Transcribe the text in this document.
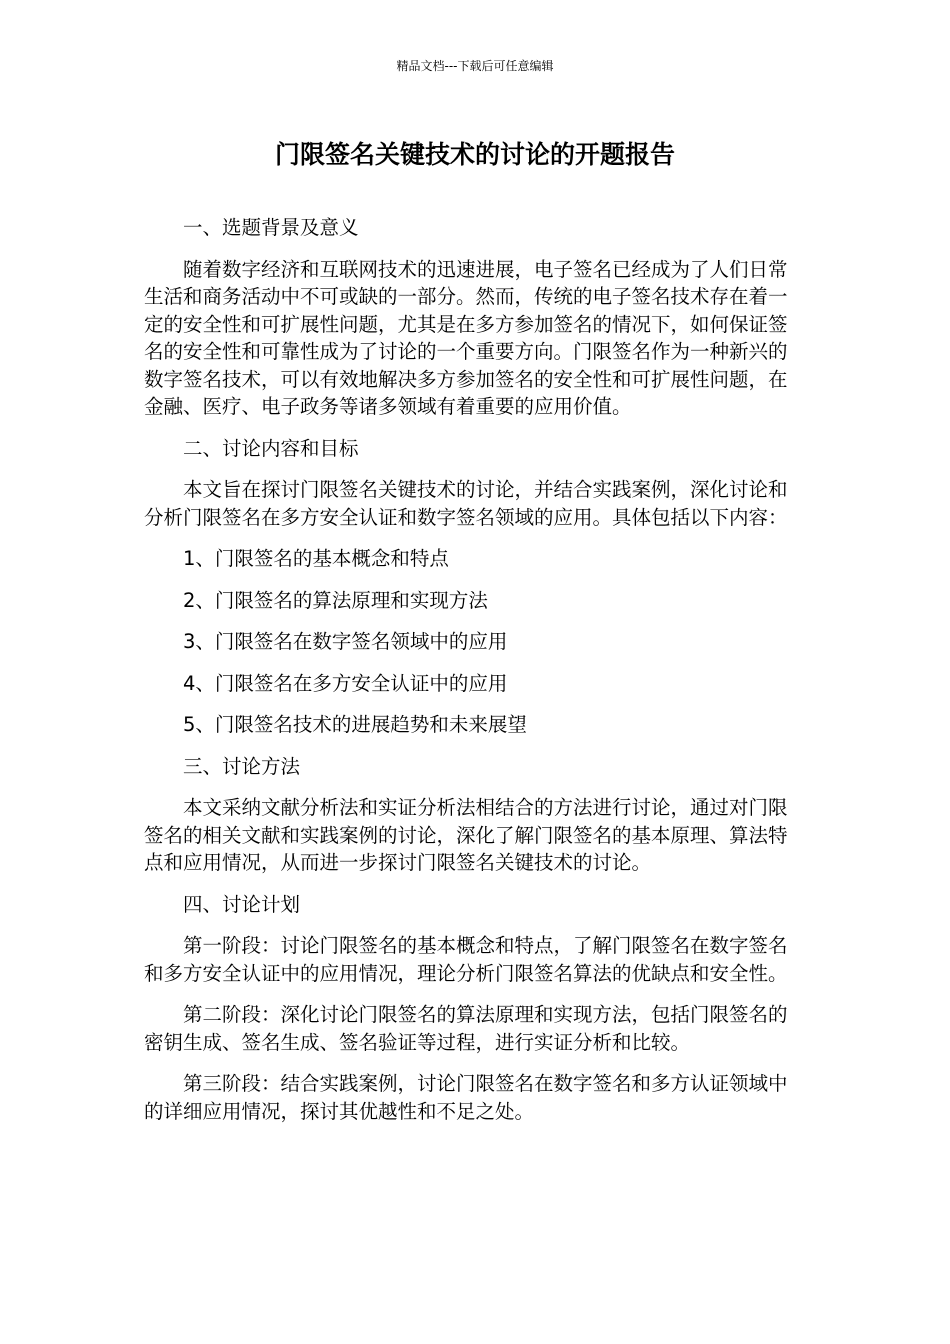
精品文档---下载后可任意编辑
门限签名关键技术的讨论的开题报告

一、选题背景及意义

随着数字经济和互联网技术的迅速进展，电子签名已经成为了人们日常生活和商务活动中不可或缺的一部分。然而，传统的电子签名技术存在着一定的安全性和可扩展性问题，尤其是在多方参加签名的情况下，如何保证签名的安全性和可靠性成为了讨论的一个重要方向。门限签名作为一种新兴的数字签名技术，可以有效地解决多方参加签名的安全性和可扩展性问题，在金融、医疗、电子政务等诸多领域有着重要的应用价值。

二、讨论内容和目标

本文旨在探讨门限签名关键技术的讨论，并结合实践案例，深化讨论和分析门限签名在多方安全认证和数字签名领域的应用。具体包括以下内容：

1、门限签名的基本概念和特点

2、门限签名的算法原理和实现方法

3、门限签名在数字签名领域中的应用

4、门限签名在多方安全认证中的应用

5、门限签名技术的进展趋势和未来展望

三、讨论方法

本文采纳文献分析法和实证分析法相结合的方法进行讨论，通过对门限签名的相关文献和实践案例的讨论，深化了解门限签名的基本原理、算法特点和应用情况，从而进一步探讨门限签名关键技术的讨论。

四、讨论计划

第一阶段：讨论门限签名的基本概念和特点，了解门限签名在数字签名和多方安全认证中的应用情况，理论分析门限签名算法的优缺点和安全性。

第二阶段：深化讨论门限签名的算法原理和实现方法，包括门限签名的密钥生成、签名生成、签名验证等过程，进行实证分析和比较。

第三阶段：结合实践案例，讨论门限签名在数字签名和多方认证领域中的详细应用情况，探讨其优越性和不足之处。
